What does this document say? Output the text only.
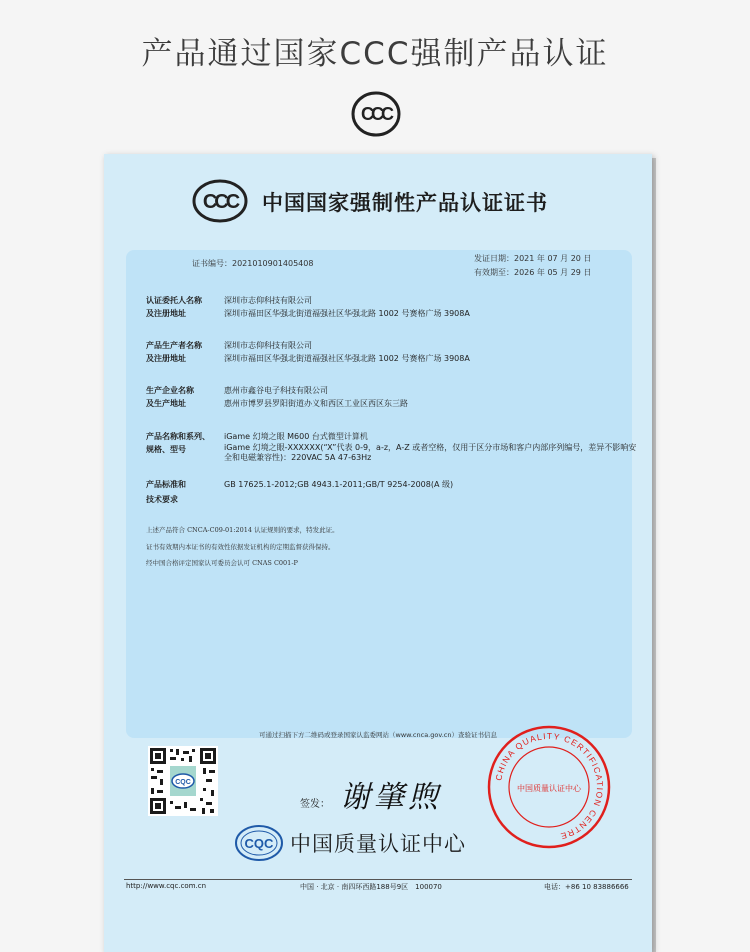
产品通过国家CCC强制产品认证
CCC
CCC 中国国家强制性产品认证证书
证书编号：2021010901405408
发证日期：2021 年 07 月 20 日
有效期至：2026 年 05 月 29 日
认证委托人名称	深圳市志仰科技有限公司
及注册地址	深圳市福田区华强北街道福强社区华强北路 1002 号赛格广场 3908A
产品生产者名称	深圳市志仰科技有限公司
及注册地址	深圳市福田区华强北街道福强社区华强北路 1002 号赛格广场 3908A
生产企业名称	惠州市鑫谷电子科技有限公司
及生产地址	惠州市博罗县罗阳街道办义和西区工业区西区东三路
产品名称和系列、	iGame 幻境之眼 M600 台式微型计算机
规格、型号	iGame 幻境之眼-XXXXXX(“X”代表 0-9，a-z，A-Z 或者空格，仅用于区分市场和客户内部序列编号，差异不影响安全和电磁兼容性)：220VAC 5A 47-63Hz
产品标准和	GB 17625.1-2012;GB 4943.1-2011;GB/T 9254-2008(A 级)
技术要求
上述产品符合 CNCA-C09-01:2014 认证规则的要求，特发此证。
证书有效期内本证书的有效性依据发证机构的定期监督获得保持。
经中国合格评定国家认可委员会认可 CNAS C001-P
可通过扫描下方二维码或登录国家认监委网站（www.cnca.gov.cn）查验证书信息
CQC
签发： 谢肇煦
CHINA QUALITY CERTIFICATION CENTRE
中国质量认证中心
CQC 中国质量认证中心
http://www.cqc.com.cn	中国 · 北京 · 南四环西路188号9区　100070	电话：+86 10 83886666
